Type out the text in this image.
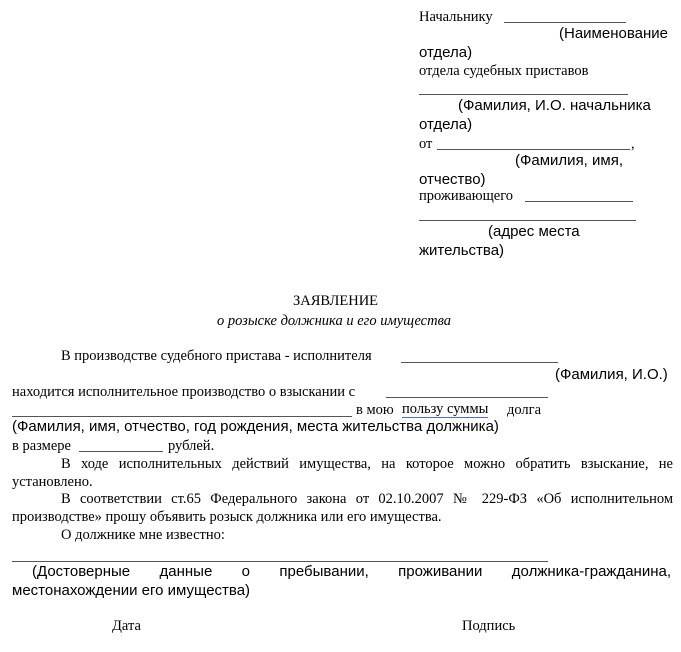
Начальнику
(Наименование
отдела)
отдела судебных приставов
(Фамилия, И.О. начальника
отдела)
от	,
(Фамилия, имя,
отчество)
проживающего
(адрес места
жительства)
ЗАЯВЛЕНИЕ
о розыске должника и его имущества
В производстве судебного пристава - исполнителя
(Фамилия, И.О.)
находится исполнительное производство о взыскании с
в мою пользу суммы долга
(Фамилия, имя, отчество, год рождения, места жительства должника)
в размере	рублей.
В ходе исполнительных действий имущества, на которое можно обратить взыскание, не
установлено.
В соответствии ст.65 Федерального закона от 02.10.2007 № 229-ФЗ «Об исполнительном
производстве» прошу объявить розыск должника или его имущества.
О должнике мне известно:
(Достоверные данные о пребывании, проживании должника-гражданина,
местонахождении его имущества)
Дата	Подпись
